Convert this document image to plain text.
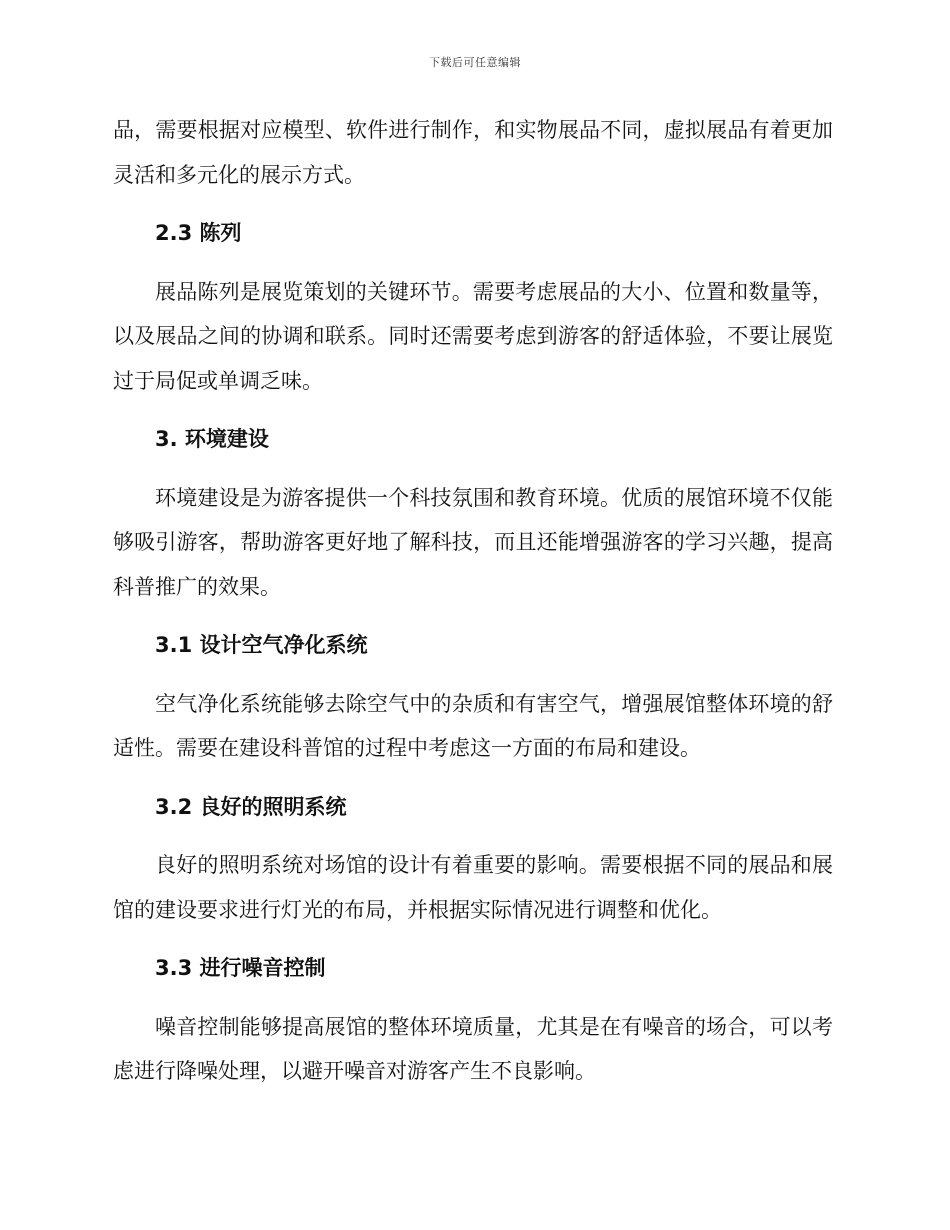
下载后可任意编辑

品，需要根据对应模型、软件进行制作，和实物展品不同，虚拟展品有着更加灵活和多元化的展示方式。

2.3 陈列

展品陈列是展览策划的关键环节。需要考虑展品的大小、位置和数量等，以及展品之间的协调和联系。同时还需要考虑到游客的舒适体验，不要让展览过于局促或单调乏味。

3. 环境建设

环境建设是为游客提供一个科技氛围和教育环境。优质的展馆环境不仅能够吸引游客，帮助游客更好地了解科技，而且还能增强游客的学习兴趣，提高科普推广的效果。

3.1 设计空气净化系统

空气净化系统能够去除空气中的杂质和有害空气，增强展馆整体环境的舒适性。需要在建设科普馆的过程中考虑这一方面的布局和建设。

3.2 良好的照明系统

良好的照明系统对场馆的设计有着重要的影响。需要根据不同的展品和展馆的建设要求进行灯光的布局，并根据实际情况进行调整和优化。

3.3 进行噪音控制

噪音控制能够提高展馆的整体环境质量，尤其是在有噪音的场合，可以考虑进行降噪处理，以避开噪音对游客产生不良影响。
